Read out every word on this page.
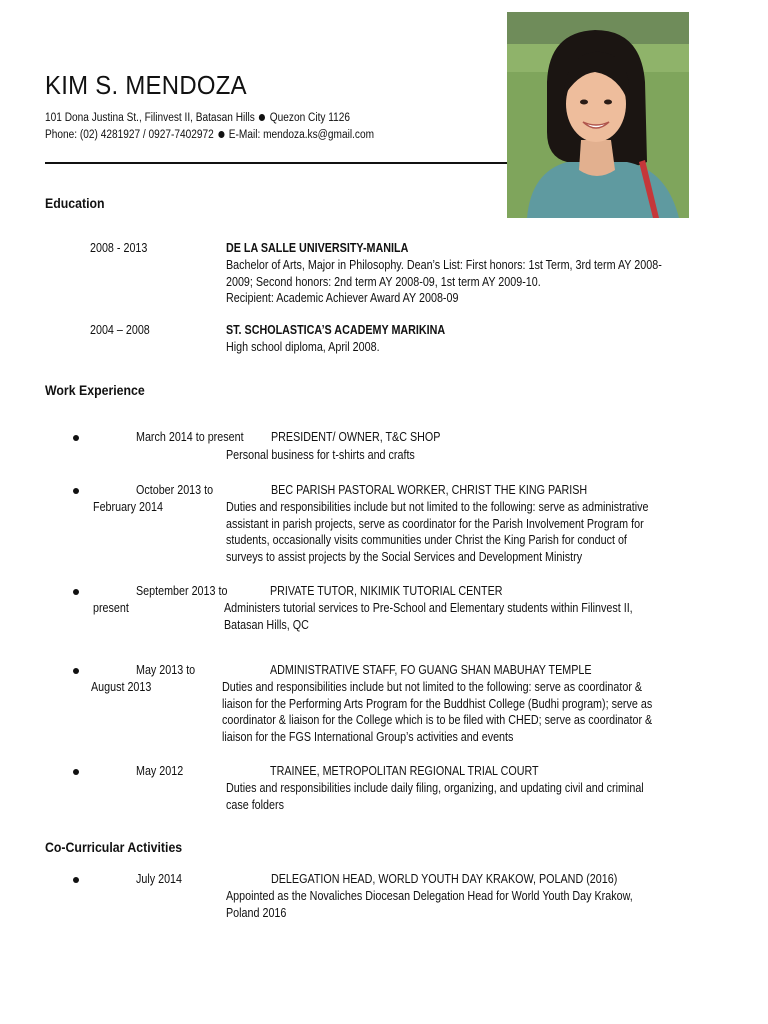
KIM S. MENDOZA
101 Dona Justina St., Filinvest II, Batasan Hills Quezon City 1126
Phone: (02) 4281927 / 0927-7402972 E-Mail: mendoza.ks@gmail.com
Education
2008 - 2013	DE LA SALLE UNIVERSITY-MANILA
Bachelor of Arts, Major in Philosophy. Dean’s List: First honors: 1st Term, 3rd term AY 2008-
2009; Second honors: 2nd term AY 2008-09, 1st term AY 2009-10.
Recipient: Academic Achiever Award AY 2008-09
2004 – 2008	ST. SCHOLASTICA’S ACADEMY MARIKINA
High school diploma, April 2008.
Work Experience
March 2014 to present PRESIDENT/ OWNER, T&C SHOP
Personal business for t-shirts and crafts
October 2013 to
February 2014
BEC PARISH PASTORAL WORKER, CHRIST THE KING PARISH
Duties and responsibilities include but not limited to the following: serve as administrative
assistant in parish projects, serve as coordinator for the Parish Involvement Program for
students, occasionally visits communities under Christ the King Parish for conduct of
surveys to assist projects by the Social Services and Development Ministry
September 2013 to
present
PRIVATE TUTOR, NIKIMIK TUTORIAL CENTER
Administers tutorial services to Pre-School and Elementary students within Filinvest II,
Batasan Hills, QC
May 2013 to
August 2013
ADMINISTRATIVE STAFF, FO GUANG SHAN MABUHAY TEMPLE
Duties and responsibilities include but not limited to the following: serve as coordinator &
liaison for the Performing Arts Program for the Buddhist College (Budhi program); serve as
coordinator & liaison for the College which is to be filed with CHED; serve as coordinator &
liaison for the FGS International Group’s activities and events
May 2012	TRAINEE, METROPOLITAN REGIONAL TRIAL COURT
Duties and responsibilities include daily filing, organizing, and updating civil and criminal
case folders
Co-Curricular Activities
July 2014	DELEGATION HEAD, WORLD YOUTH DAY KRAKOW, POLAND (2016)
Appointed as the Novaliches Diocesan Delegation Head for World Youth Day Krakow,
Poland 2016
